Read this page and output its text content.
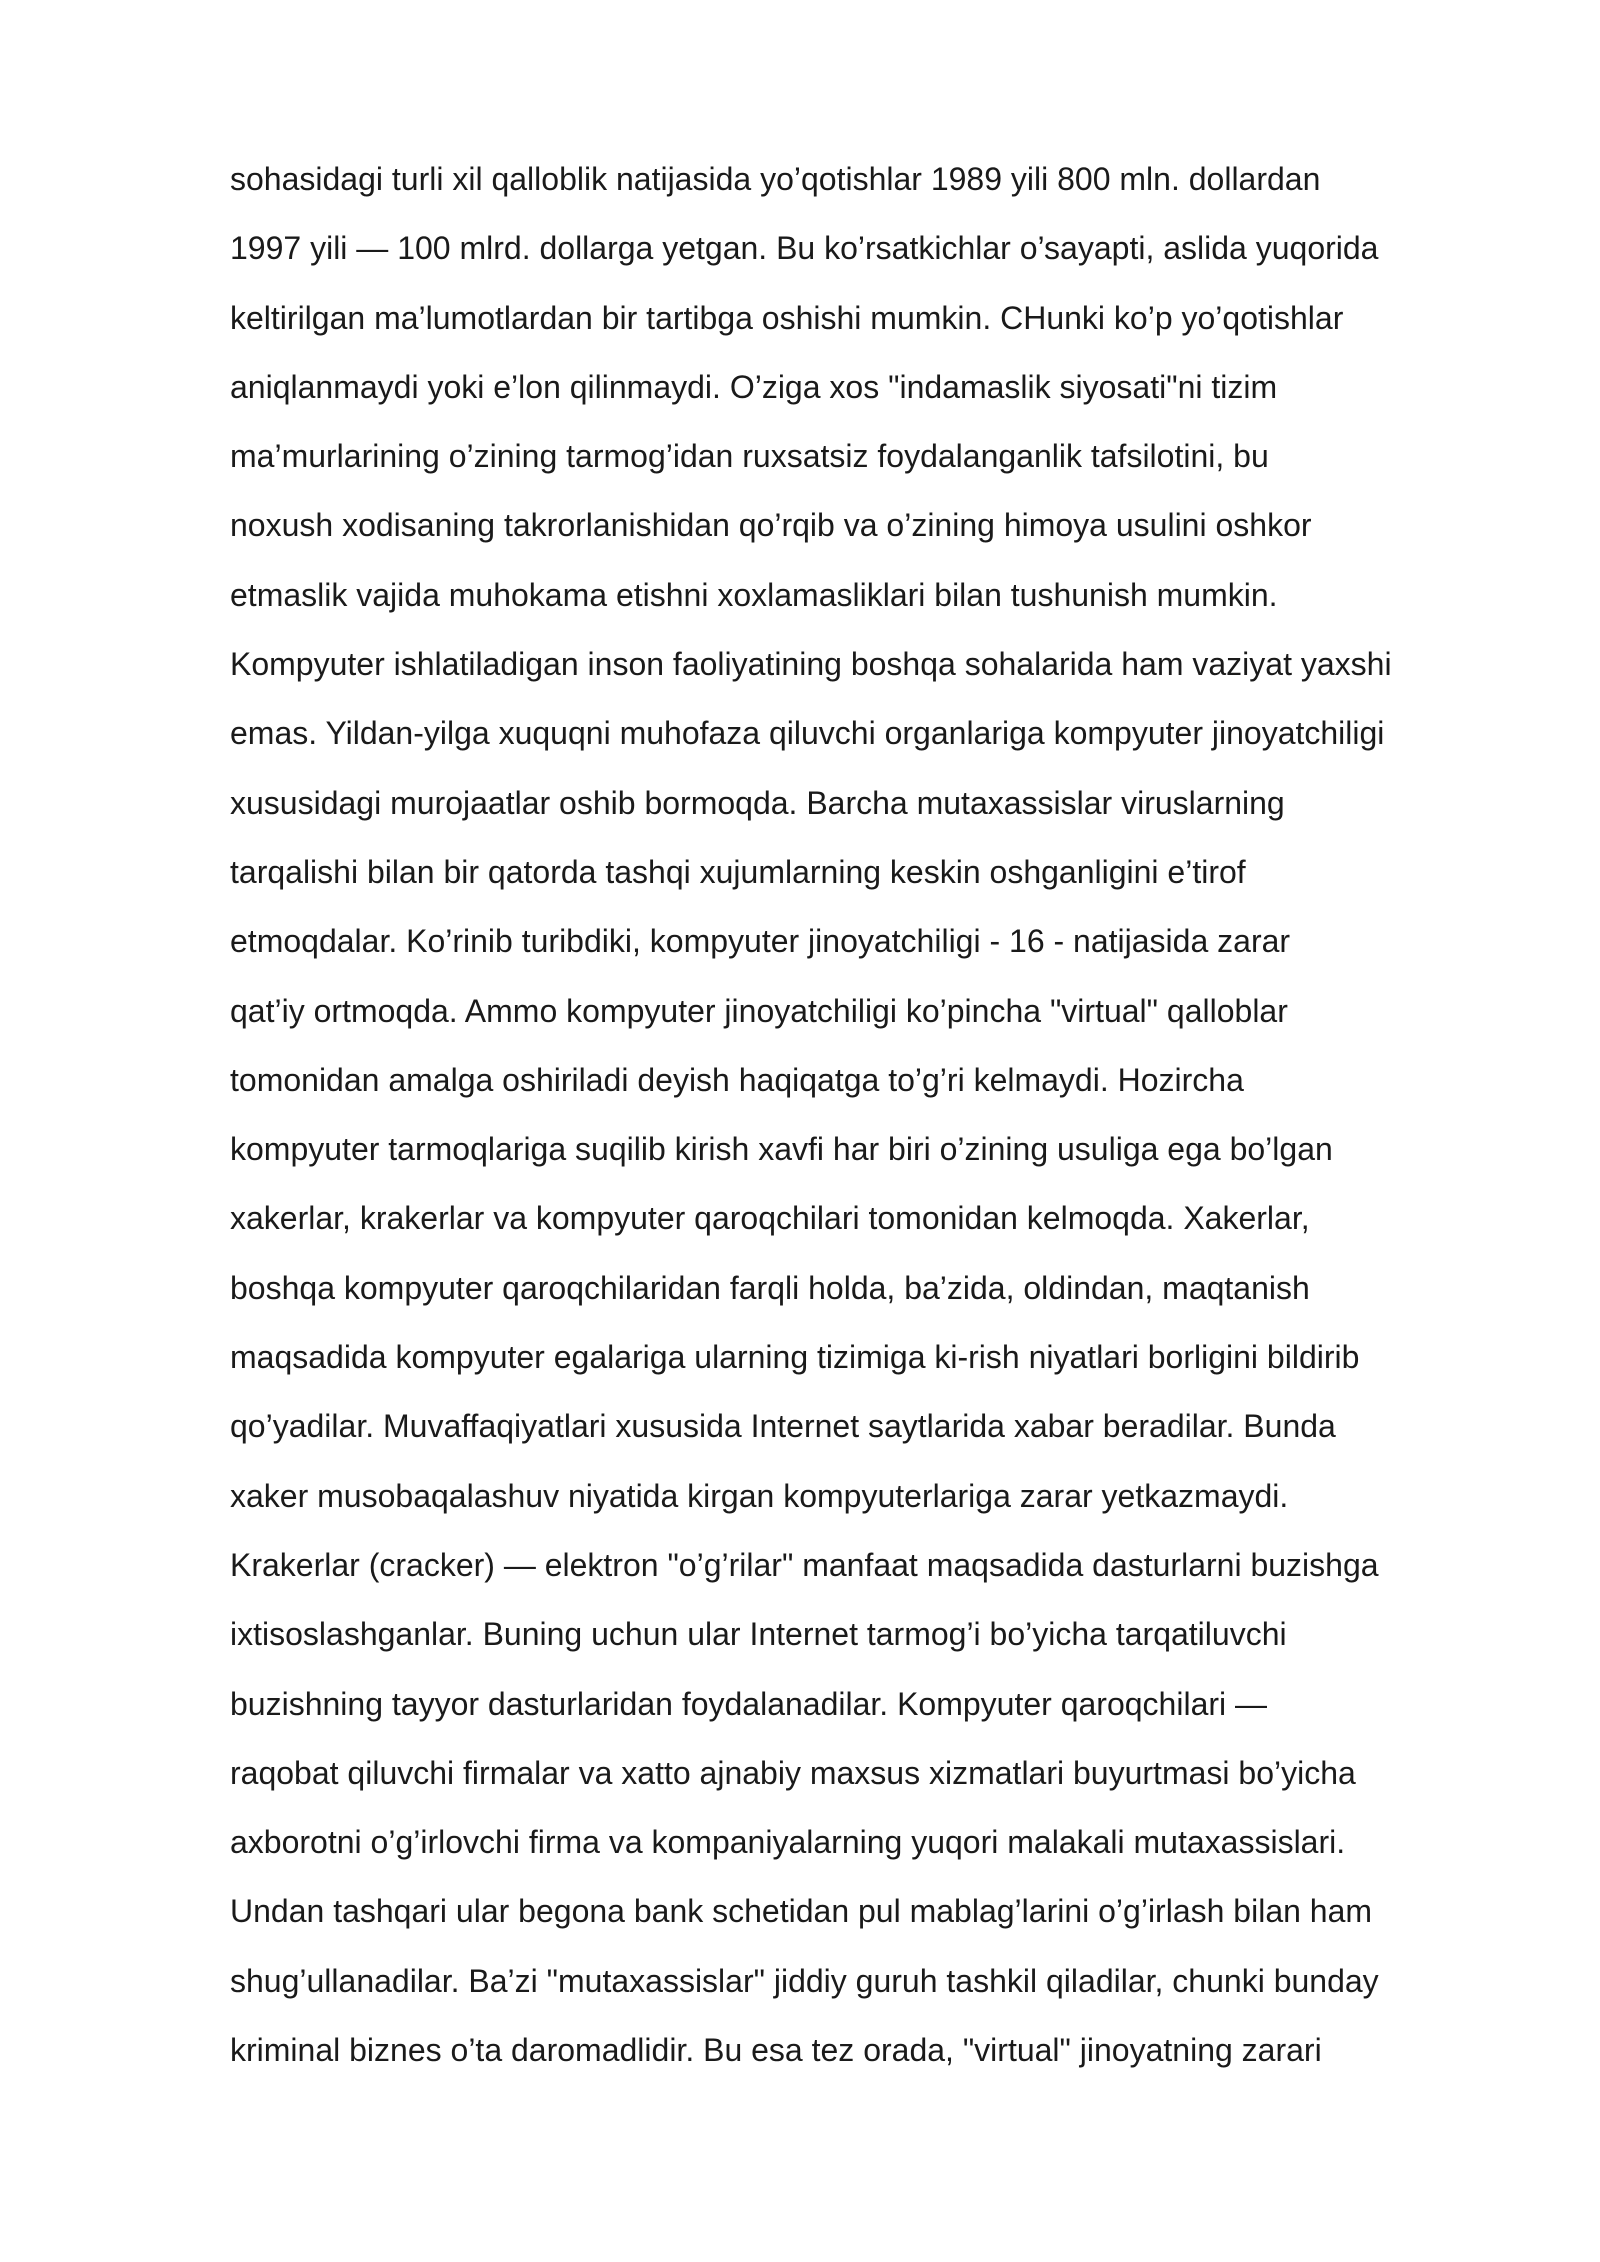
sohasidagi turli xil qalloblik natijasida yo’qotishlar 1989 yili 800 mln. dollardan

1997 yili — 100 mlrd. dollarga yetgan. Bu ko’rsatkichlar o’sayapti, aslida yuqorida

keltirilgan ma’lumotlardan bir tartibga oshishi mumkin. CHunki ko’p yo’qotishlar

aniqlanmaydi yoki e’lon qilinmaydi. O’ziga xos "indamaslik siyosati"ni tizim

ma’murlarining o’zining tarmog’idan ruxsatsiz foydalanganlik tafsilotini, bu

noxush xodisaning takrorlanishidan qo’rqib va o’zining himoya usulini oshkor

etmaslik vajida muhokama etishni xoxlamasliklari bilan tushunish mumkin.

Kompyuter ishlatiladigan inson faoliyatining boshqa sohalarida ham vaziyat yaxshi

emas. Yildan-yilga xuquqni muhofaza qiluvchi organlariga kompyuter jinoyatchiligi

xususidagi murojaatlar oshib bormoqda. Barcha mutaxassislar viruslarning

tarqalishi bilan bir qatorda tashqi xujumlarning keskin oshganligini e’tirof

etmoqdalar. Ko’rinib turibdiki, kompyuter jinoyatchiligi - 16 - natijasida zarar

qat’iy ortmoqda. Ammo kompyuter jinoyatchiligi ko’pincha "virtual" qalloblar

tomonidan amalga oshiriladi deyish haqiqatga to’g’ri kelmaydi. Hozircha

kompyuter tarmoqlariga suqilib kirish xavfi har biri o’zining usuliga ega bo’lgan

xakerlar, krakerlar va kompyuter qaroqchilari tomonidan kelmoqda. Xakerlar,

boshqa kompyuter qaroqchilaridan farqli holda, ba’zida, oldindan, maqtanish

maqsadida kompyuter egalariga ularning tizimiga ki-rish niyatlari borligini bildirib

qo’yadilar. Muvaffaqiyatlari xususida Internet saytlarida xabar beradilar. Bunda

xaker musobaqalashuv niyatida kirgan kompyuterlariga zarar yetkazmaydi.

Krakerlar (cracker) — elektron "o’g’rilar" manfaat maqsadida dasturlarni buzishga

ixtisoslashganlar. Buning uchun ular Internet tarmog’i bo’yicha tarqatiluvchi

buzishning tayyor dasturlaridan foydalanadilar. Kompyuter qaroqchilari —

raqobat qiluvchi firmalar va xatto ajnabiy maxsus xizmatlari buyurtmasi bo’yicha

axborotni o’g’irlovchi firma va kompaniyalarning yuqori malakali mutaxassislari.

Undan tashqari ular begona bank schetidan pul mablag’larini o’g’irlash bilan ham

shug’ullanadilar. Ba’zi "mutaxassislar" jiddiy guruh tashkil qiladilar, chunki bunday

kriminal biznes o’ta daromadlidir. Bu esa tez orada, "virtual" jinoyatning zarari
